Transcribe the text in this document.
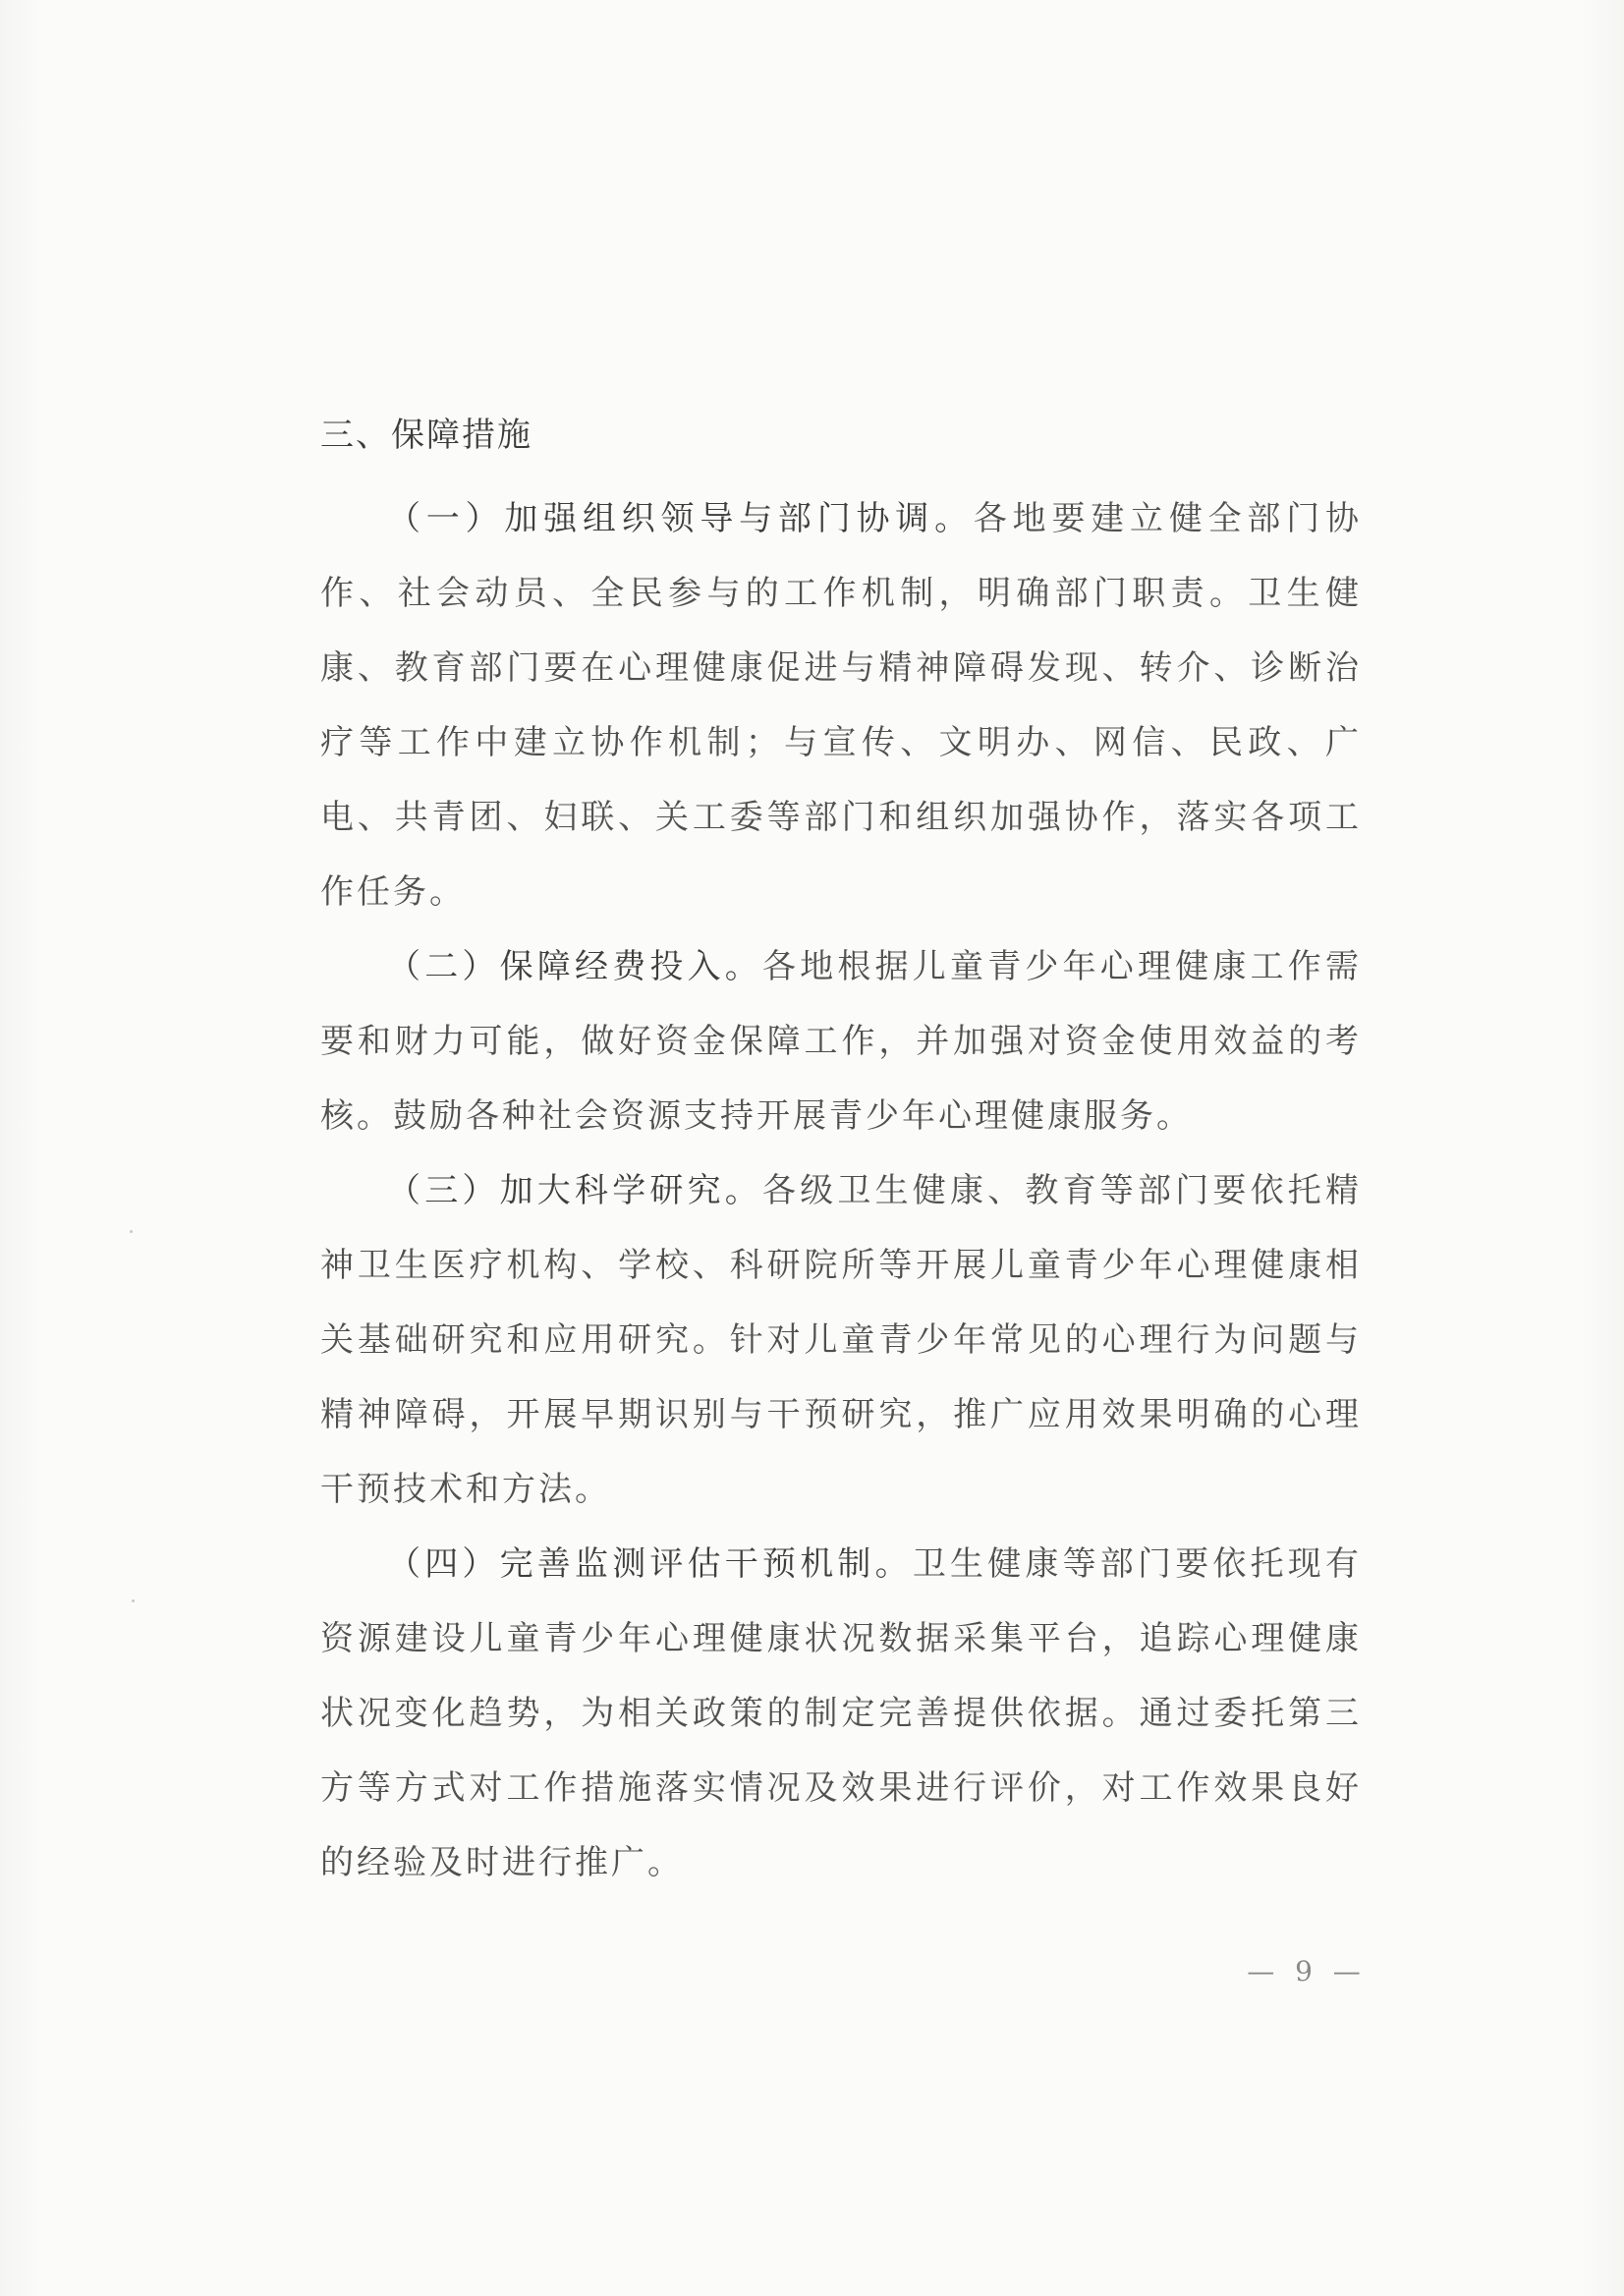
三、保障措施

（一）加强组织领导与部门协调。各地要建立健全部门协作、社会动员、全民参与的工作机制，明确部门职责。卫生健康、教育部门要在心理健康促进与精神障碍发现、转介、诊断治疗等工作中建立协作机制；与宣传、文明办、网信、民政、广电、共青团、妇联、关工委等部门和组织加强协作，落实各项工作任务。

（二）保障经费投入。各地根据儿童青少年心理健康工作需要和财力可能，做好资金保障工作，并加强对资金使用效益的考核。鼓励各种社会资源支持开展青少年心理健康服务。

（三）加大科学研究。各级卫生健康、教育等部门要依托精神卫生医疗机构、学校、科研院所等开展儿童青少年心理健康相关基础研究和应用研究。针对儿童青少年常见的心理行为问题与精神障碍，开展早期识别与干预研究，推广应用效果明确的心理干预技术和方法。

（四）完善监测评估干预机制。卫生健康等部门要依托现有资源建设儿童青少年心理健康状况数据采集平台，追踪心理健康状况变化趋势，为相关政策的制定完善提供依据。通过委托第三方等方式对工作措施落实情况及效果进行评价，对工作效果良好的经验及时进行推广。

— 9 —
